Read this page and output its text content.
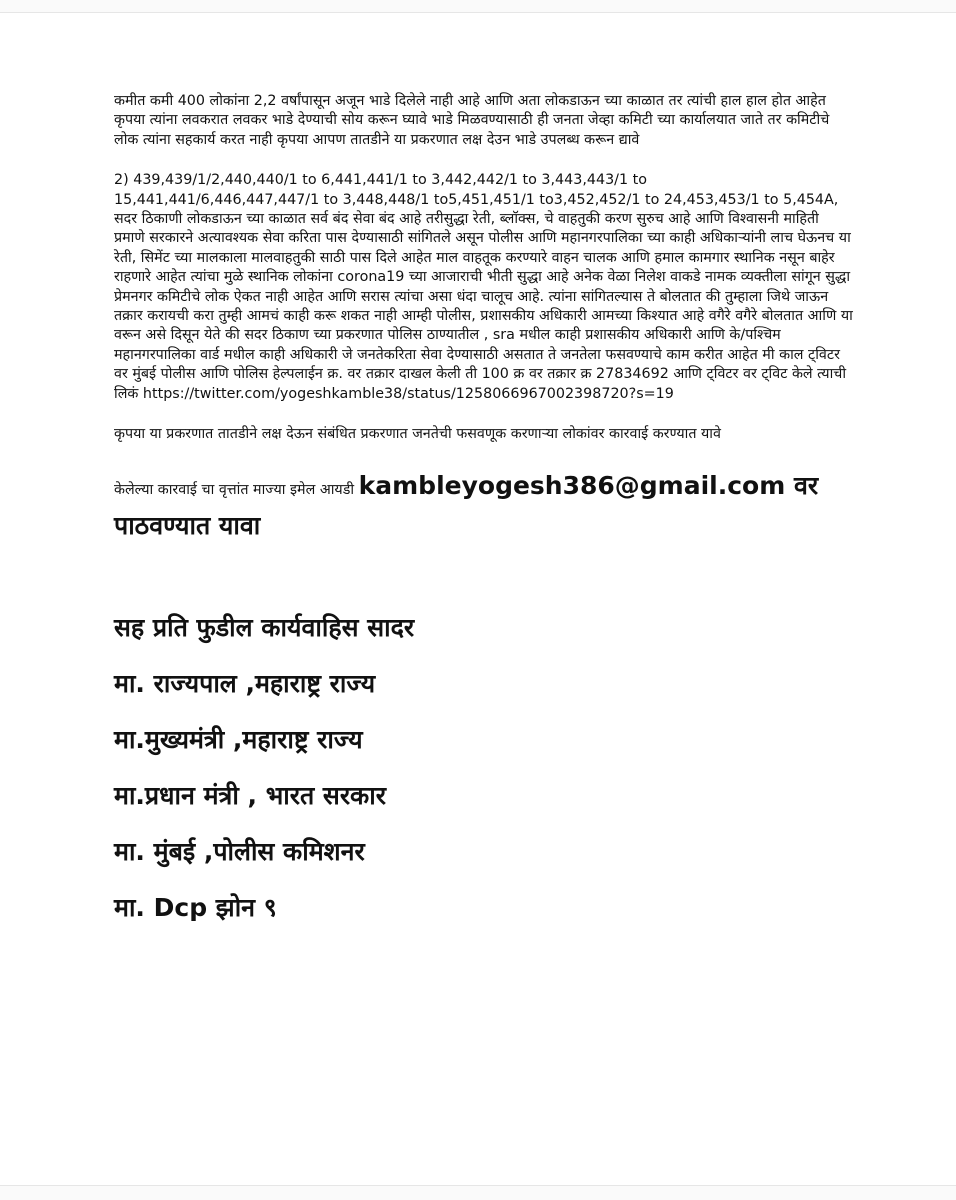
कमीत कमी 400 लोकांना 2,2 वर्षांपासून अजून भाडे दिलेले नाही आहे आणि अता लोकडाऊन च्या काळात तर त्यांची हाल हाल होत आहेत कृपया त्यांना लवकरात लवकर भाडे देण्याची सोय करून घ्यावे भाडे मिळवण्यासाठी ही जनता जेव्हा कमिटी च्या कार्यालयात जाते तर कमिटीचे लोक त्यांना सहकार्य करत नाही कृपया आपण तातडीने या प्रकरणात लक्ष देउन भाडे उपलब्ध करून द्यावे

2) 439,439/1/2,440,440/1 to 6,441,441/1 to 3,442,442/1 to 3,443,443/1 to 15,441,441/6,446,447,447/1 to 3,448,448/1 to5,451,451/1 to3,452,452/1 to 24,453,453/1 to 5,454A, सदर ठिकाणी लोकडाऊन च्या काळात सर्व बंद सेवा बंद आहे तरीसुद्धा रेती, ब्लॉक्स, चे वाहतुकी करण सुरुच आहे आणि विश्वासनी माहिती प्रमाणे सरकारने अत्यावश्यक सेवा करिता पास देण्यासाठी सांगितले असून पोलीस आणि महानगरपालिका च्या काही अधिकाऱ्यांनी लाच घेऊनच या रेती, सिमेंट च्या मालकाला मालवाहतुकी साठी पास दिले आहेत माल वाहतूक करण्यारे वाहन चालक आणि हमाल कामगार स्थानिक नसून बाहेर राहणारे आहेत त्यांचा मुळे स्थानिक लोकांना corona19 च्या आजाराची भीती सुद्धा आहे अनेक वेळा निलेश वाकडे नामक व्यक्तीला सांगून सुद्धा प्रेमनगर कमिटीचे लोक ऐकत नाही आहेत आणि सरास त्यांचा असा धंदा चालूच आहे. त्यांना सांगितल्यास ते बोलतात की तुम्हाला जिथे जाऊन तक्रार करायची करा तुम्ही आमचं काही करू शकत नाही आम्ही पोलीस, प्रशासकीय अधिकारी आमच्या किश्यात आहे वगैरे वगैरे बोलतात आणि या वरून असे दिसून येते की सदर ठिकाण च्या प्रकरणात पोलिस ठाण्यातील , sra मधील काही प्रशासकीय अधिकारी आणि के/पश्चिम महानगरपालिका वार्ड मधील काही अधिकारी जे जनतेकरिता सेवा देण्यासाठी असतात ते जनतेला फसवण्याचे काम करीत आहेत मी काल ट्विटर वर मुंबई पोलीस आणि पोलिस हेल्पलाईन क्र. वर तक्रार दाखल केली ती 100 क्र वर तक्रार क्र 27834692 आणि ट्विटर वर ट्विट केले त्याची लिकं https://twitter.com/yogeshkamble38/status/1258066967002398720?s=19

कृपया या प्रकरणात तातडीने लक्ष देऊन संबंधित प्रकरणात जनतेची फसवणूक करणाऱ्या लोकांवर कारवाई करण्यात यावे

केलेल्या कारवाई चा वृत्तांत माज्या इमेल आयडी kambleyogesh386@gmail.com वर

पाठवण्यात यावा

सह प्रति फुडील कार्यवाहिस सादर

मा. राज्यपाल ,महाराष्ट्र राज्य

मा.मुख्यमंत्री ,महाराष्ट्र राज्य

मा.प्रधान मंत्री , भारत सरकार

मा. मुंबई ,पोलीस कमिशनर

मा. Dcp झोन ९
